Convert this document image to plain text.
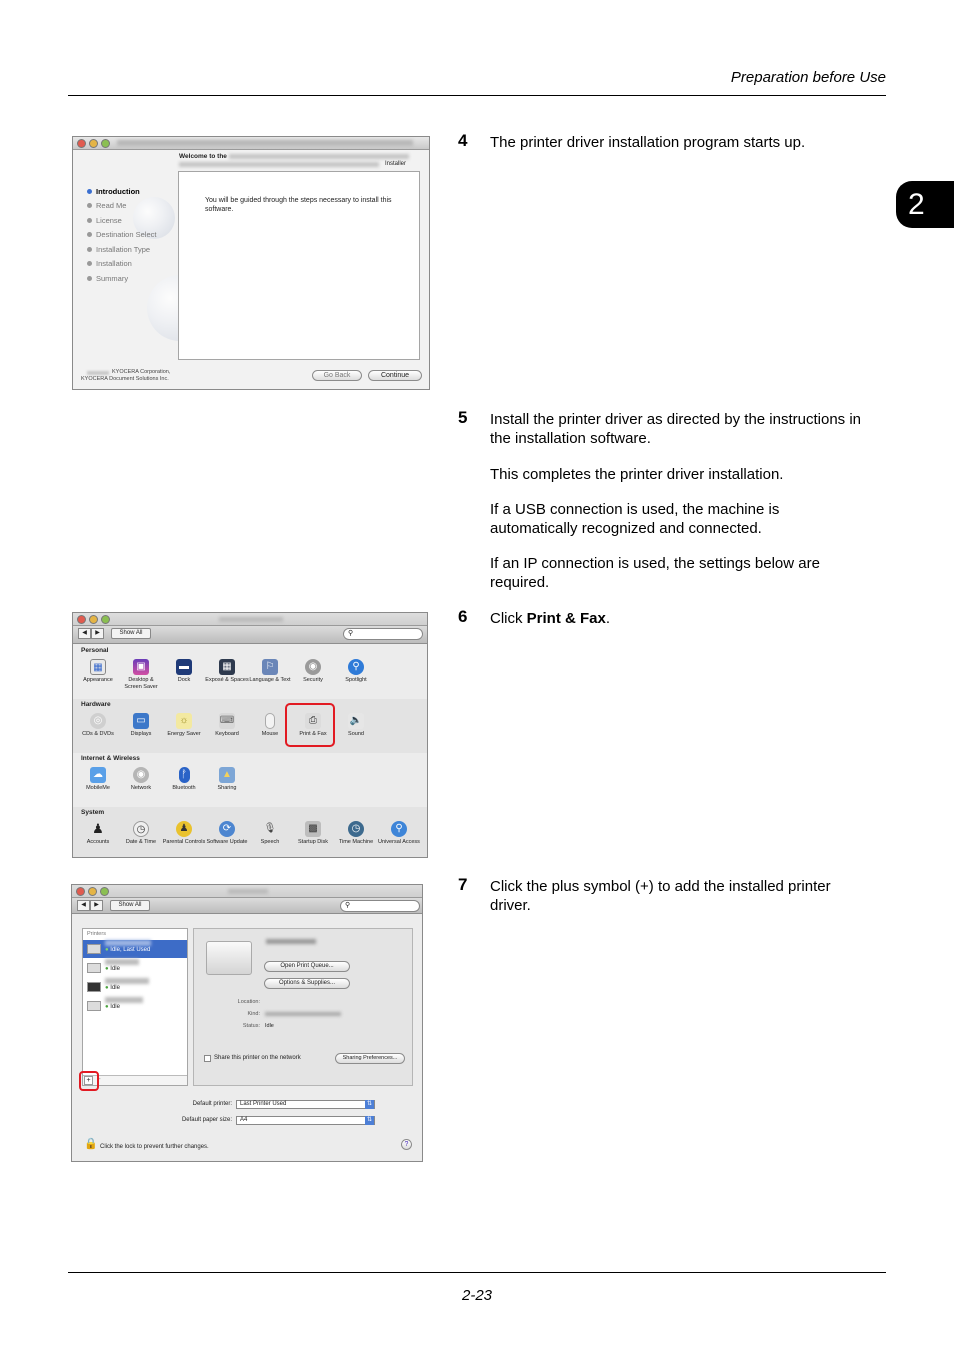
Preparation before Use
2
4 The printer driver installation program starts up.
Welcome to the
Installer
Introduction
Read Me
License
Destination Select
Installation Type
Installation
Summary
You will be guided through the steps necessary to install this software.
KYOCERA Corporation,
KYOCERA Document Solutions Inc.	Go Back	Continue
5 Install the printer driver as directed by the instructions in the installation software.
This completes the printer driver installation.
If a USB connection is used, the machine is automatically recognized and connected.
If an IP connection is used, the settings below are required.
6 Click Print & Fax.
◀	▶	Show All	⚲
Personal
▦
Appearance
▣
Desktop & Screen Saver
▬
Dock
▦
Exposé & Spaces
⚐
Language & Text
◉
Security
⚲
Spotlight
Hardware
◎
CDs & DVDs
▭
Displays
☼
Energy Saver
⌨
Keyboard	Mouse
⎙
Print & Fax
🔈
Sound
Internet & Wireless
☁
MobileMe
◉
Network
ᚡ
Bluetooth
▲
Sharing
System
♟
Accounts
◷
Date & Time
♟
Parental Controls
⟳
Software Update
🎙
Speech
▩
Startup Disk
◷
Time Machine
⚲
Universal Access
7 Click the plus symbol (+) to add the installed printer driver.
◀	▶	Show All	⚲
Printers
● Idle, Last Used
● Idle
● Idle
● Idle
+	-
Open Print Queue...
Options & Supplies...
Location:
Kind:
Status: Idle
Share this printer on the network	Sharing Preferences...
Default printer:	Last Printer Used ⇅
Default paper size:	A4 ⇅
🔒 Click the lock to prevent further changes.	?
2-23
